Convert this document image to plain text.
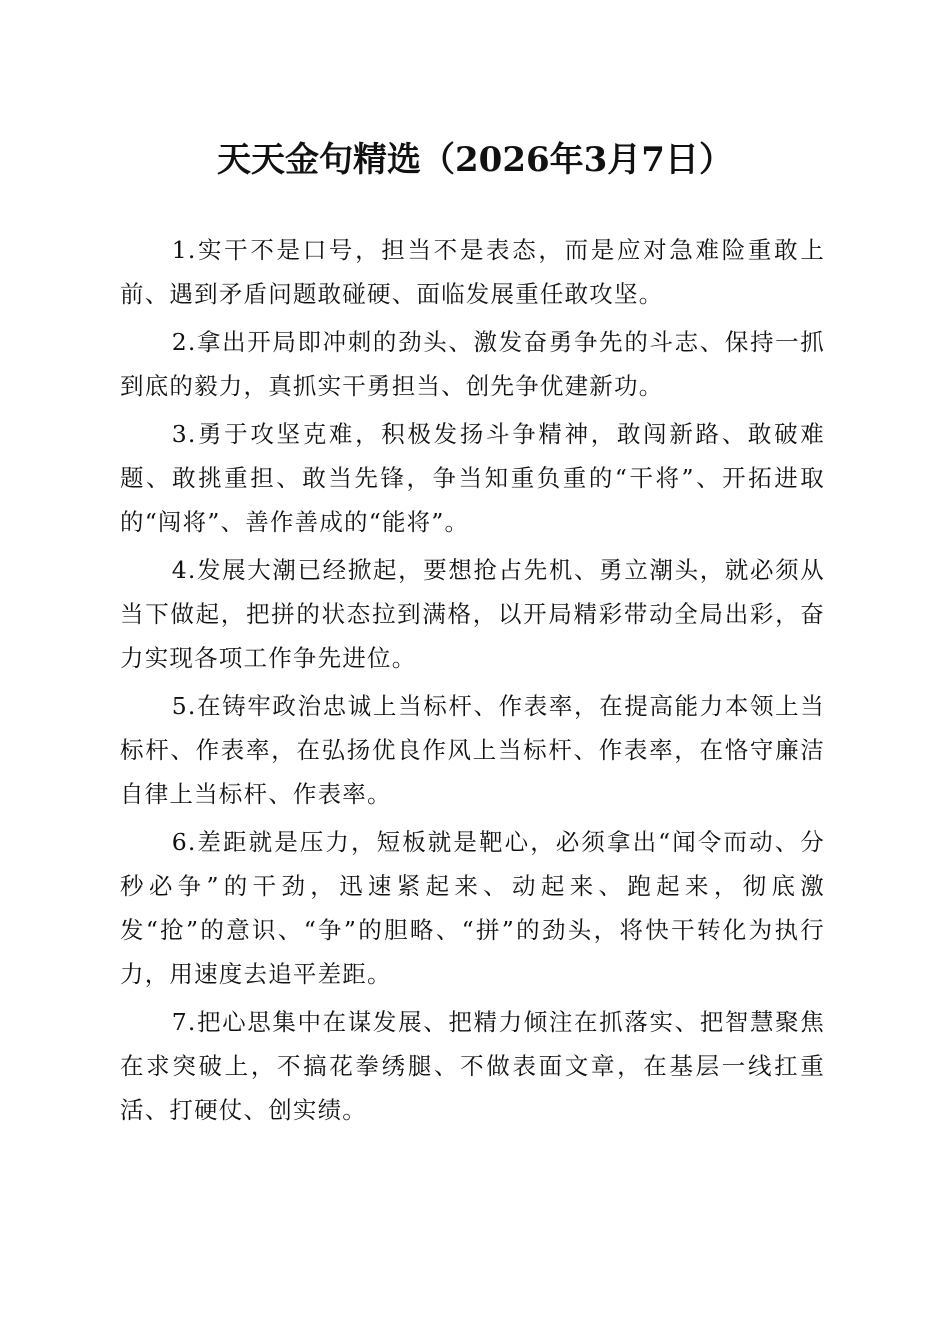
天天金句精选（2026年3月7日）

1.实干不是口号，担当不是表态，而是应对急难险重敢上前、遇到矛盾问题敢碰硬、面临发展重任敢攻坚。

2.拿出开局即冲刺的劲头、激发奋勇争先的斗志、保持一抓到底的毅力，真抓实干勇担当、创先争优建新功。

3.勇于攻坚克难，积极发扬斗争精神，敢闯新路、敢破难题、敢挑重担、敢当先锋，争当知重负重的“干将”、开拓进取的“闯将”、善作善成的“能将”。

4.发展大潮已经掀起，要想抢占先机、勇立潮头，就必须从当下做起，把拼的状态拉到满格，以开局精彩带动全局出彩，奋力实现各项工作争先进位。

5.在铸牢政治忠诚上当标杆、作表率，在提高能力本领上当标杆、作表率，在弘扬优良作风上当标杆、作表率，在恪守廉洁自律上当标杆、作表率。

6.差距就是压力，短板就是靶心，必须拿出“闻令而动、分秒必争”的干劲，迅速紧起来、动起来、跑起来，彻底激发“抢”的意识、“争”的胆略、“拼”的劲头，将快干转化为执行力，用速度去追平差距。

7.把心思集中在谋发展、把精力倾注在抓落实、把智慧聚焦在求突破上，不搞花拳绣腿、不做表面文章，在基层一线扛重活、打硬仗、创实绩。
